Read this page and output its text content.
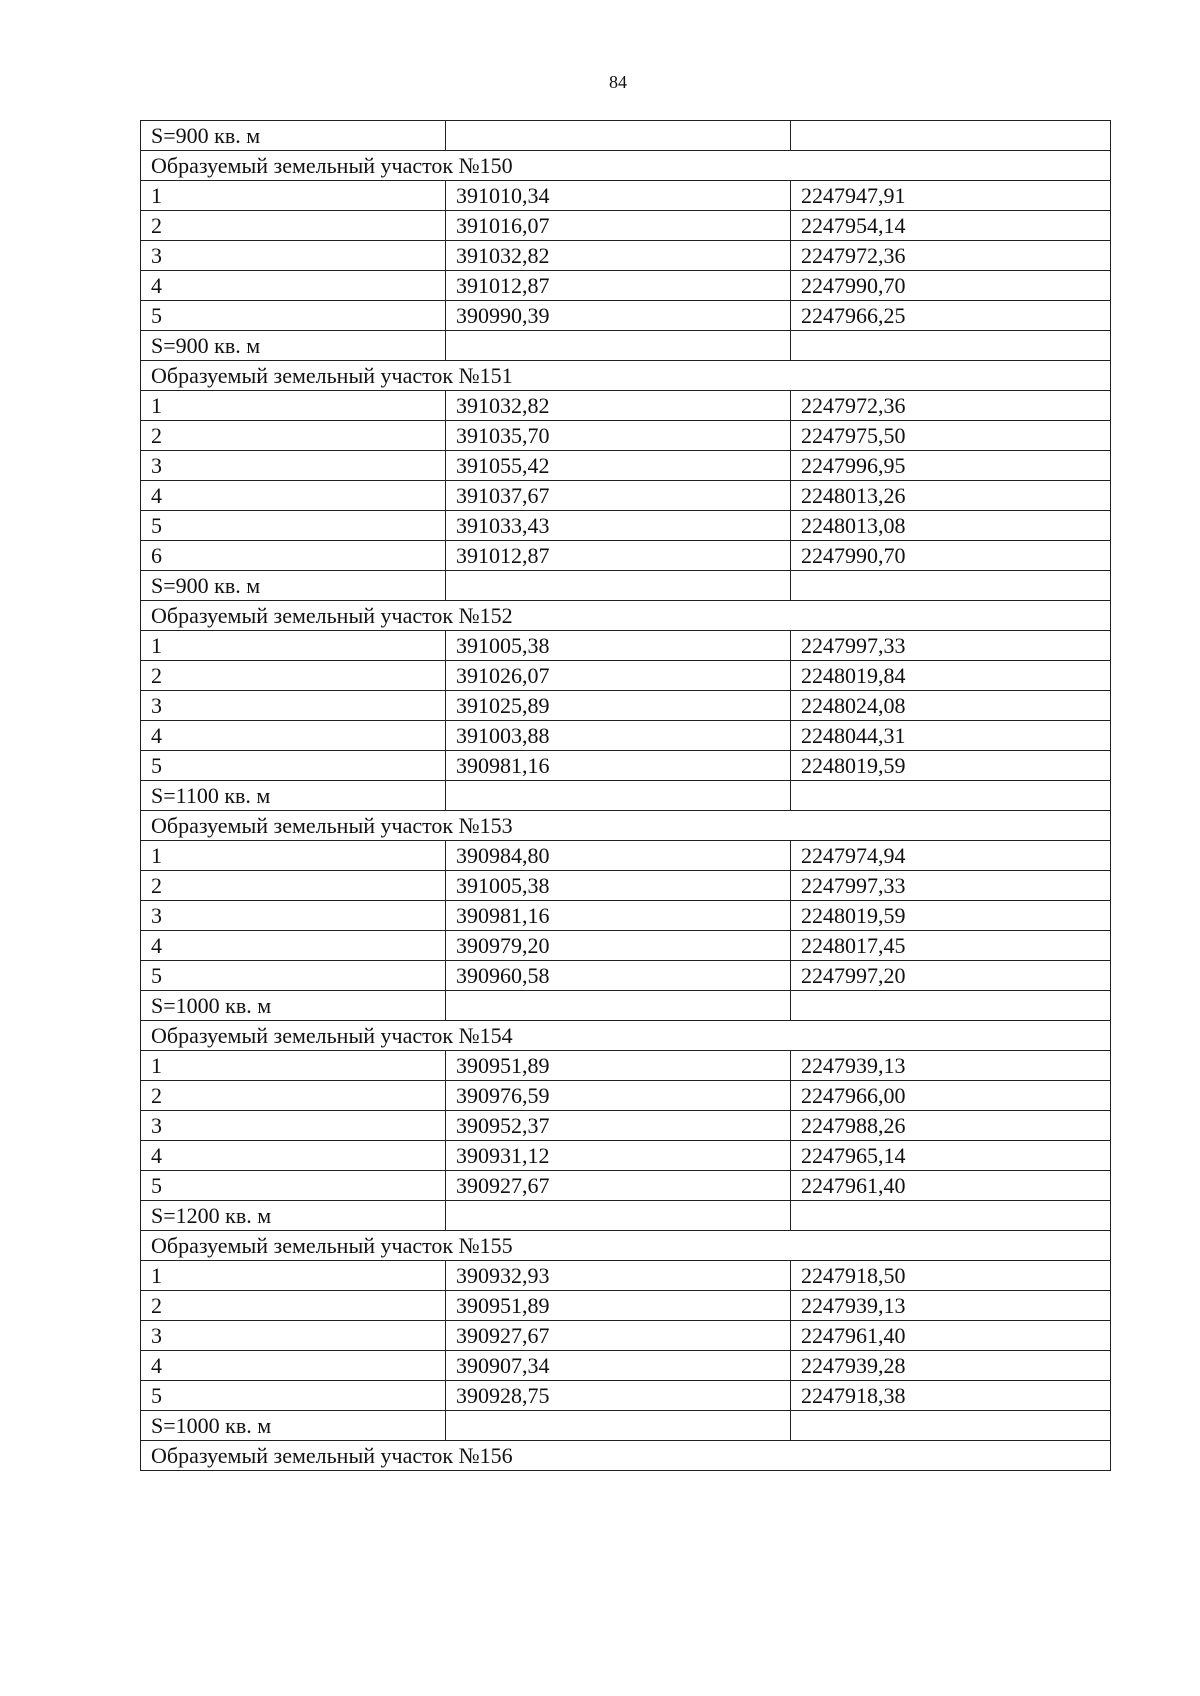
84
S=900 кв. м		
Образуемый земельный участок №150		
1	391010,34	2247947,91
2	391016,07	2247954,14
3	391032,82	2247972,36
4	391012,87	2247990,70
5	390990,39	2247966,25
S=900 кв. м		
Образуемый земельный участок №151		
1	391032,82	2247972,36
2	391035,70	2247975,50
3	391055,42	2247996,95
4	391037,67	2248013,26
5	391033,43	2248013,08
6	391012,87	2247990,70
S=900 кв. м		
Образуемый земельный участок №152		
1	391005,38	2247997,33
2	391026,07	2248019,84
3	391025,89	2248024,08
4	391003,88	2248044,31
5	390981,16	2248019,59
S=1100 кв. м		
Образуемый земельный участок №153		
1	390984,80	2247974,94
2	391005,38	2247997,33
3	390981,16	2248019,59
4	390979,20	2248017,45
5	390960,58	2247997,20
S=1000 кв. м		
Образуемый земельный участок №154		
1	390951,89	2247939,13
2	390976,59	2247966,00
3	390952,37	2247988,26
4	390931,12	2247965,14
5	390927,67	2247961,40
S=1200 кв. м		
Образуемый земельный участок №155		
1	390932,93	2247918,50
2	390951,89	2247939,13
3	390927,67	2247961,40
4	390907,34	2247939,28
5	390928,75	2247918,38
S=1000 кв. м		
Образуемый земельный участок №156		
